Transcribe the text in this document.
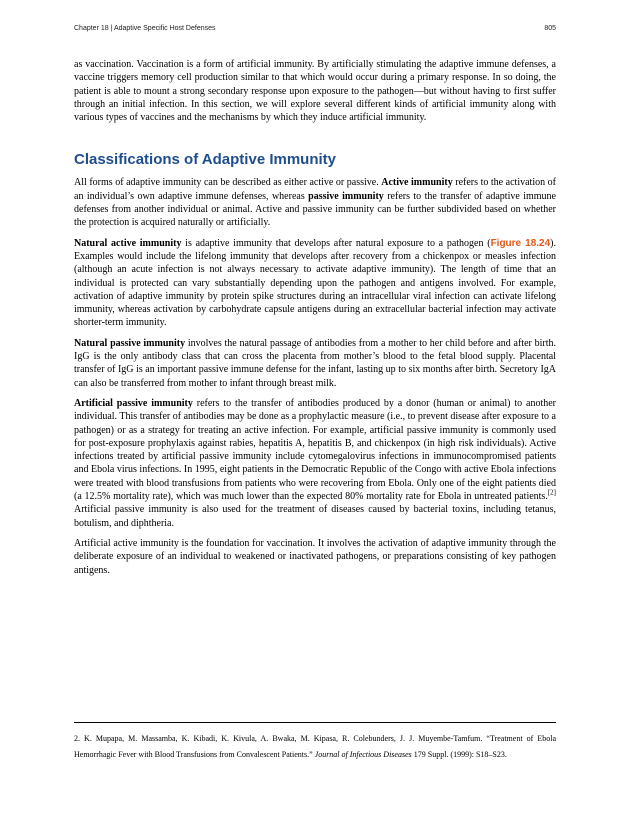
Chapter 18 | Adaptive Specific Host Defenses	805

as vaccination. Vaccination is a form of artificial immunity. By artificially stimulating the adaptive immune defenses, a vaccine triggers memory cell production similar to that which would occur during a primary response. In so doing, the patient is able to mount a strong secondary response upon exposure to the pathogen—but without having to first suffer through an initial infection. In this section, we will explore several different kinds of artificial immunity along with various types of vaccines and the mechanisms by which they induce artificial immunity.

Classifications of Adaptive Immunity

All forms of adaptive immunity can be described as either active or passive. Active immunity refers to the activation of an individual’s own adaptive immune defenses, whereas passive immunity refers to the transfer of adaptive immune defenses from another individual or animal. Active and passive immunity can be further subdivided based on whether the protection is acquired naturally or artificially.

Natural active immunity is adaptive immunity that develops after natural exposure to a pathogen (Figure 18.24). Examples would include the lifelong immunity that develops after recovery from a chickenpox or measles infection (although an acute infection is not always necessary to activate adaptive immunity). The length of time that an individual is protected can vary substantially depending upon the pathogen and antigens involved. For example, activation of adaptive immunity by protein spike structures during an intracellular viral infection can activate lifelong immunity, whereas activation by carbohydrate capsule antigens during an extracellular bacterial infection may activate shorter-term immunity.

Natural passive immunity involves the natural passage of antibodies from a mother to her child before and after birth. IgG is the only antibody class that can cross the placenta from mother’s blood to the fetal blood supply. Placental transfer of IgG is an important passive immune defense for the infant, lasting up to six months after birth. Secretory IgA can also be transferred from mother to infant through breast milk.

Artificial passive immunity refers to the transfer of antibodies produced by a donor (human or animal) to another individual. This transfer of antibodies may be done as a prophylactic measure (i.e., to prevent disease after exposure to a pathogen) or as a strategy for treating an active infection. For example, artificial passive immunity is commonly used for post-exposure prophylaxis against rabies, hepatitis A, hepatitis B, and chickenpox (in high risk individuals). Active infections treated by artificial passive immunity include cytomegalovirus infections in immunocompromised patients and Ebola virus infections. In 1995, eight patients in the Democratic Republic of the Congo with active Ebola infections were treated with blood transfusions from patients who were recovering from Ebola. Only one of the eight patients died (a 12.5% mortality rate), which was much lower than the expected 80% mortality rate for Ebola in untreated patients.[2] Artificial passive immunity is also used for the treatment of diseases caused by bacterial toxins, including tetanus, botulism, and diphtheria.

Artificial active immunity is the foundation for vaccination. It involves the activation of adaptive immunity through the deliberate exposure of an individual to weakened or inactivated pathogens, or preparations consisting of key pathogen antigens.

2. K. Mupapa, M. Massamba, K. Kibadi, K. Kivula, A. Bwaka, M. Kipasa, R. Colebunders, J. J. Muyembe-Tamfum. “Treatment of Ebola Hemorrhagic Fever with Blood Transfusions from Convalescent Patients.” Journal of Infectious Diseases 179 Suppl. (1999): S18–S23.
